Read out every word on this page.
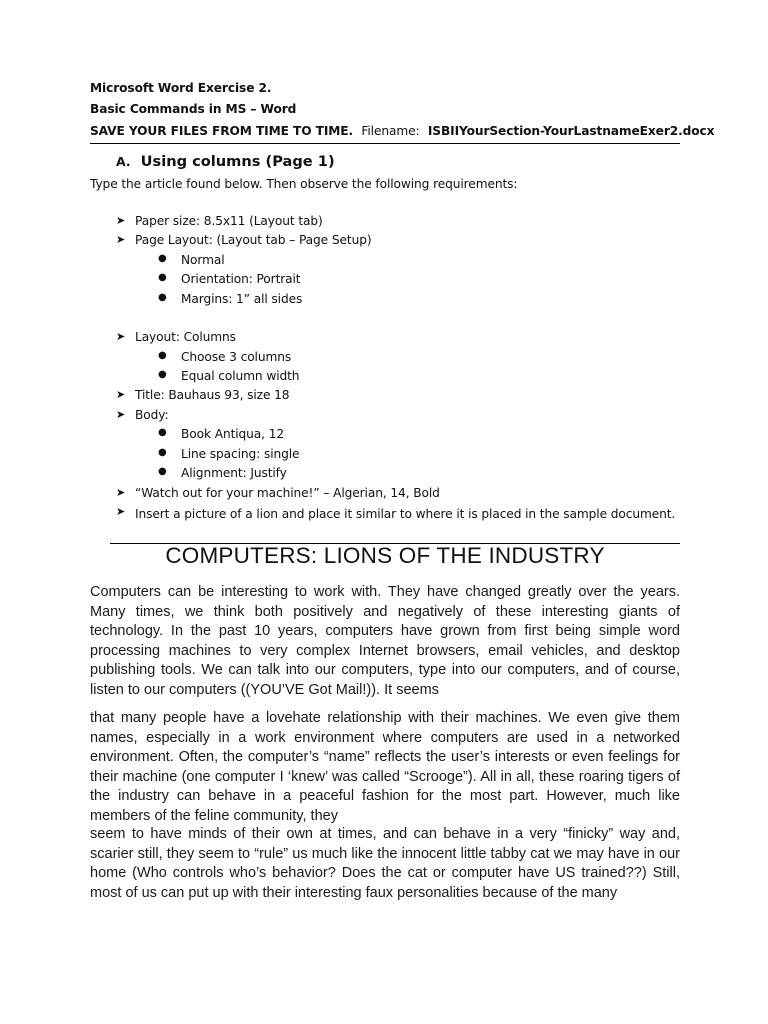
Microsoft Word Exercise 2.
Basic Commands in MS – Word
SAVE YOUR FILES FROM TIME TO TIME. Filename: ISBIIYourSection-YourLastnameExer2.docx
A. Using columns (Page 1)
Type the article found below. Then observe the following requirements:
➤ Paper size: 8.5x11 (Layout tab)
➤ Page Layout: (Layout tab – Page Setup)
● Normal
● Orientation: Portrait
● Margins: 1” all sides
➤ Layout: Columns
● Choose 3 columns
● Equal column width
➤ Title: Bauhaus 93, size 18
➤ Body:
● Book Antiqua, 12
● Line spacing: single
● Alignment: Justify
➤ “Watch out for your machine!” – Algerian, 14, Bold
➤ Insert a picture of a lion and place it similar to where it is placed in the sample document.
COMPUTERS: LIONS OF THE INDUSTRY
Computers can be interesting to work with. They have changed greatly over the years. Many times, we think both positively and negatively of these interesting giants of technology. In the past 10 years, computers have grown from first being simple word processing machines to very complex Internet browsers, email vehicles, and desktop publishing tools. We can talk into our computers, type into our computers, and of course, listen to our computers ((YOU’VE Got Mail!)). It seems
that many people have a lovehate relationship with their machines. We even give them names, especially in a work environment where computers are used in a networked environment. Often, the computer’s “name” reflects the user’s interests or even feelings for their machine (one computer I ‘knew’ was called “Scrooge”). All in all, these roaring tigers of the industry can behave in a peaceful fashion for the most part. However, much like members of the feline community, they
seem to have minds of their own at times, and can behave in a very “finicky” way and, scarier still, they seem to “rule” us much like the innocent little tabby cat we may have in our home (Who controls who’s behavior? Does the cat or computer have US trained??) Still, most of us can put up with their interesting faux personalities because of the many
